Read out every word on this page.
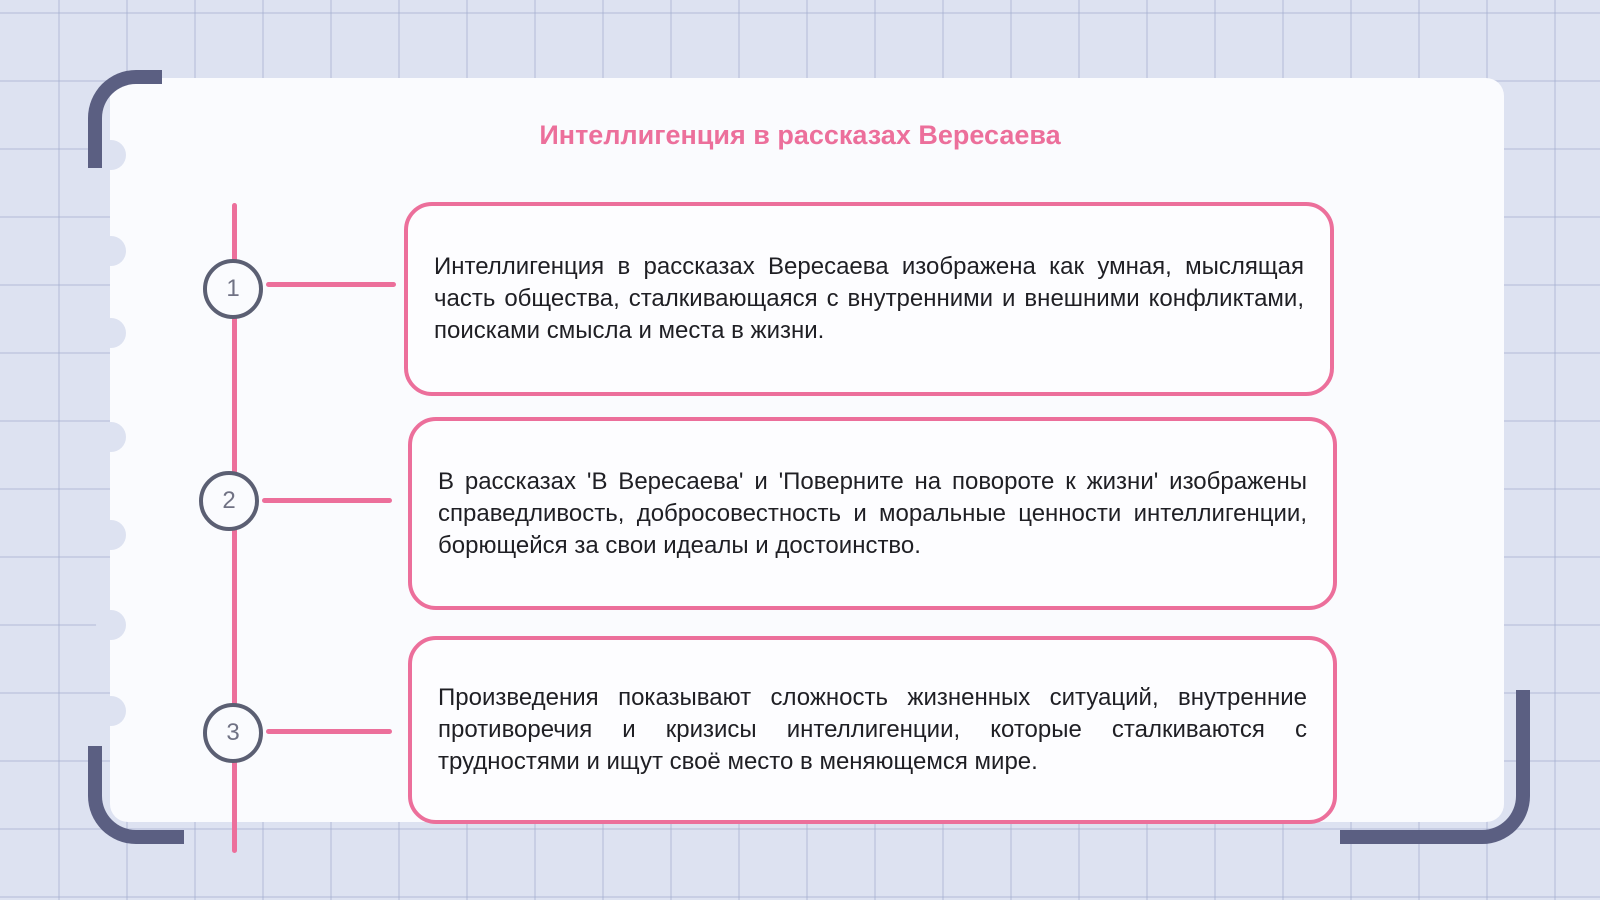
Интеллигенция в рассказах Вересаева
1

Интеллигенция в рассказах Вересаева изображена как умная, мыслящая часть общества, сталкивающаяся с внутренними и внешними конфликтами, поисками смысла и места в жизни.

2

В рассказах 'В Вересаева' и 'Поверните на повороте к жизни' изображены справедливость, добросовестность и моральные ценности интеллигенции, борющейся за свои идеалы и достоинство.

3

Произведения показывают сложность жизненных ситуаций, внутренние противоречия и кризисы интеллигенции, которые сталкиваются с трудностями и ищут своё место в меняющемся мире.
